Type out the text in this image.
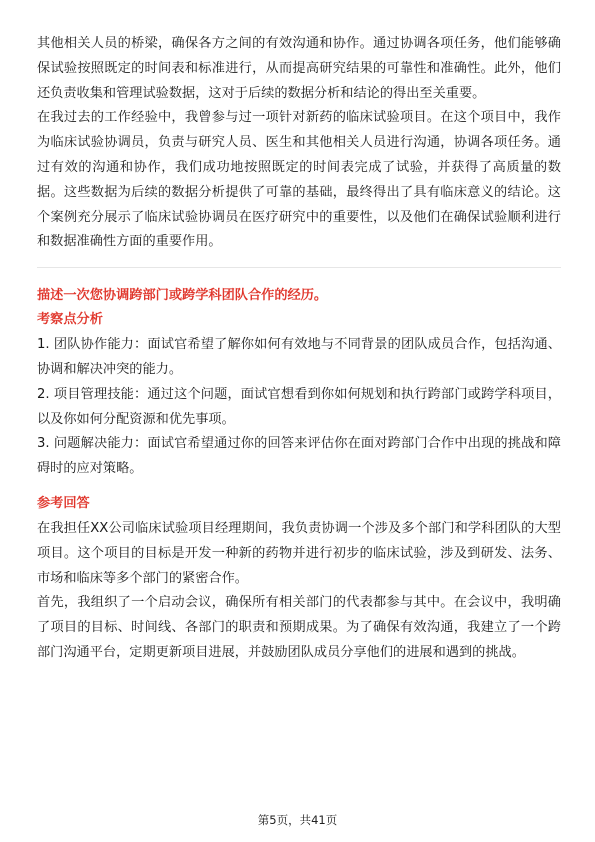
其他相关人员的桥梁，确保各方之间的有效沟通和协作。通过协调各项任务，他们能够确保试验按照既定的时间表和标准进行，从而提高研究结果的可靠性和准确性。此外，他们还负责收集和管理试验数据，这对于后续的数据分析和结论的得出至关重要。

在我过去的工作经验中，我曾参与过一项针对新药的临床试验项目。在这个项目中，我作为临床试验协调员，负责与研究人员、医生和其他相关人员进行沟通，协调各项任务。通过有效的沟通和协作，我们成功地按照既定的时间表完成了试验，并获得了高质量的数据。这些数据为后续的数据分析提供了可靠的基础，最终得出了具有临床意义的结论。这个案例充分展示了临床试验协调员在医疗研究中的重要性，以及他们在确保试验顺利进行和数据准确性方面的重要作用。

描述一次您协调跨部门或跨学科团队合作的经历。

考察点分析

1. 团队协作能力：面试官希望了解你如何有效地与不同背景的团队成员合作，包括沟通、协调和解决冲突的能力。

2. 项目管理技能：通过这个问题，面试官想看到你如何规划和执行跨部门或跨学科项目，以及你如何分配资源和优先事项。

3. 问题解决能力：面试官希望通过你的回答来评估你在面对跨部门合作中出现的挑战和障碍时的应对策略。

参考回答

在我担任XX公司临床试验项目经理期间，我负责协调一个涉及多个部门和学科团队的大型项目。这个项目的目标是开发一种新的药物并进行初步的临床试验，涉及到研发、法务、市场和临床等多个部门的紧密合作。

首先，我组织了一个启动会议，确保所有相关部门的代表都参与其中。在会议中，我明确了项目的目标、时间线、各部门的职责和预期成果。为了确保有效沟通，我建立了一个跨部门沟通平台，定期更新项目进展，并鼓励团队成员分享他们的进展和遇到的挑战。

第5页，共41页
